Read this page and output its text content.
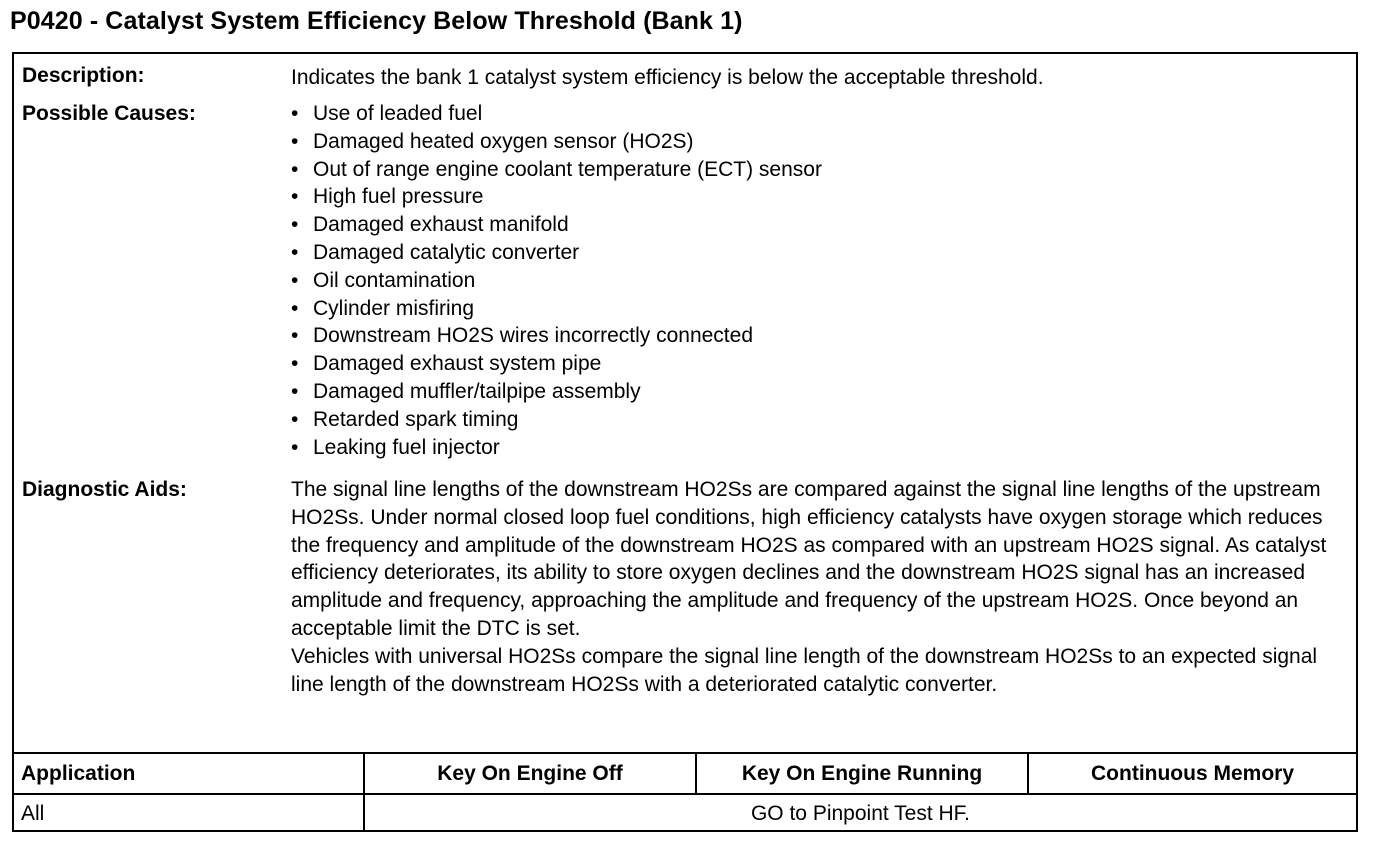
P0420 - Catalyst System Efficiency Below Threshold (Bank 1)
Description:	Indicates the bank 1 catalyst system efficiency is below the acceptable threshold.
Possible Causes:
•	Use of leaded fuel
• Damaged heated oxygen sensor (HO2S)
• Out of range engine coolant temperature (ECT) sensor
• High fuel pressure
• Damaged exhaust manifold
• Damaged catalytic converter
• Oil contamination
• Cylinder misfiring
• Downstream HO2S wires incorrectly connected
• Damaged exhaust system pipe
• Damaged muffler/tailpipe assembly
• Retarded spark timing
• Leaking fuel injector
Diagnostic Aids:	The signal line lengths of the downstream HO2Ss are compared against the signal line lengths of the upstream HO2Ss. Under normal closed loop fuel conditions, high efficiency catalysts have oxygen storage which reduces the frequency and amplitude of the downstream HO2S as compared with an upstream HO2S signal. As catalyst efficiency deteriorates, its ability to store oxygen declines and the downstream HO2S signal has an increased amplitude and frequency, approaching the amplitude and frequency of the upstream HO2S. Once beyond an acceptable limit the DTC is set.

Vehicles with universal HO2Ss compare the signal line length of the downstream HO2Ss to an expected signal line length of the downstream HO2Ss with a deteriorated catalytic converter.

Application	Key On Engine Off	Key On Engine Running	Continuous Memory
All	GO to Pinpoint Test HF.
